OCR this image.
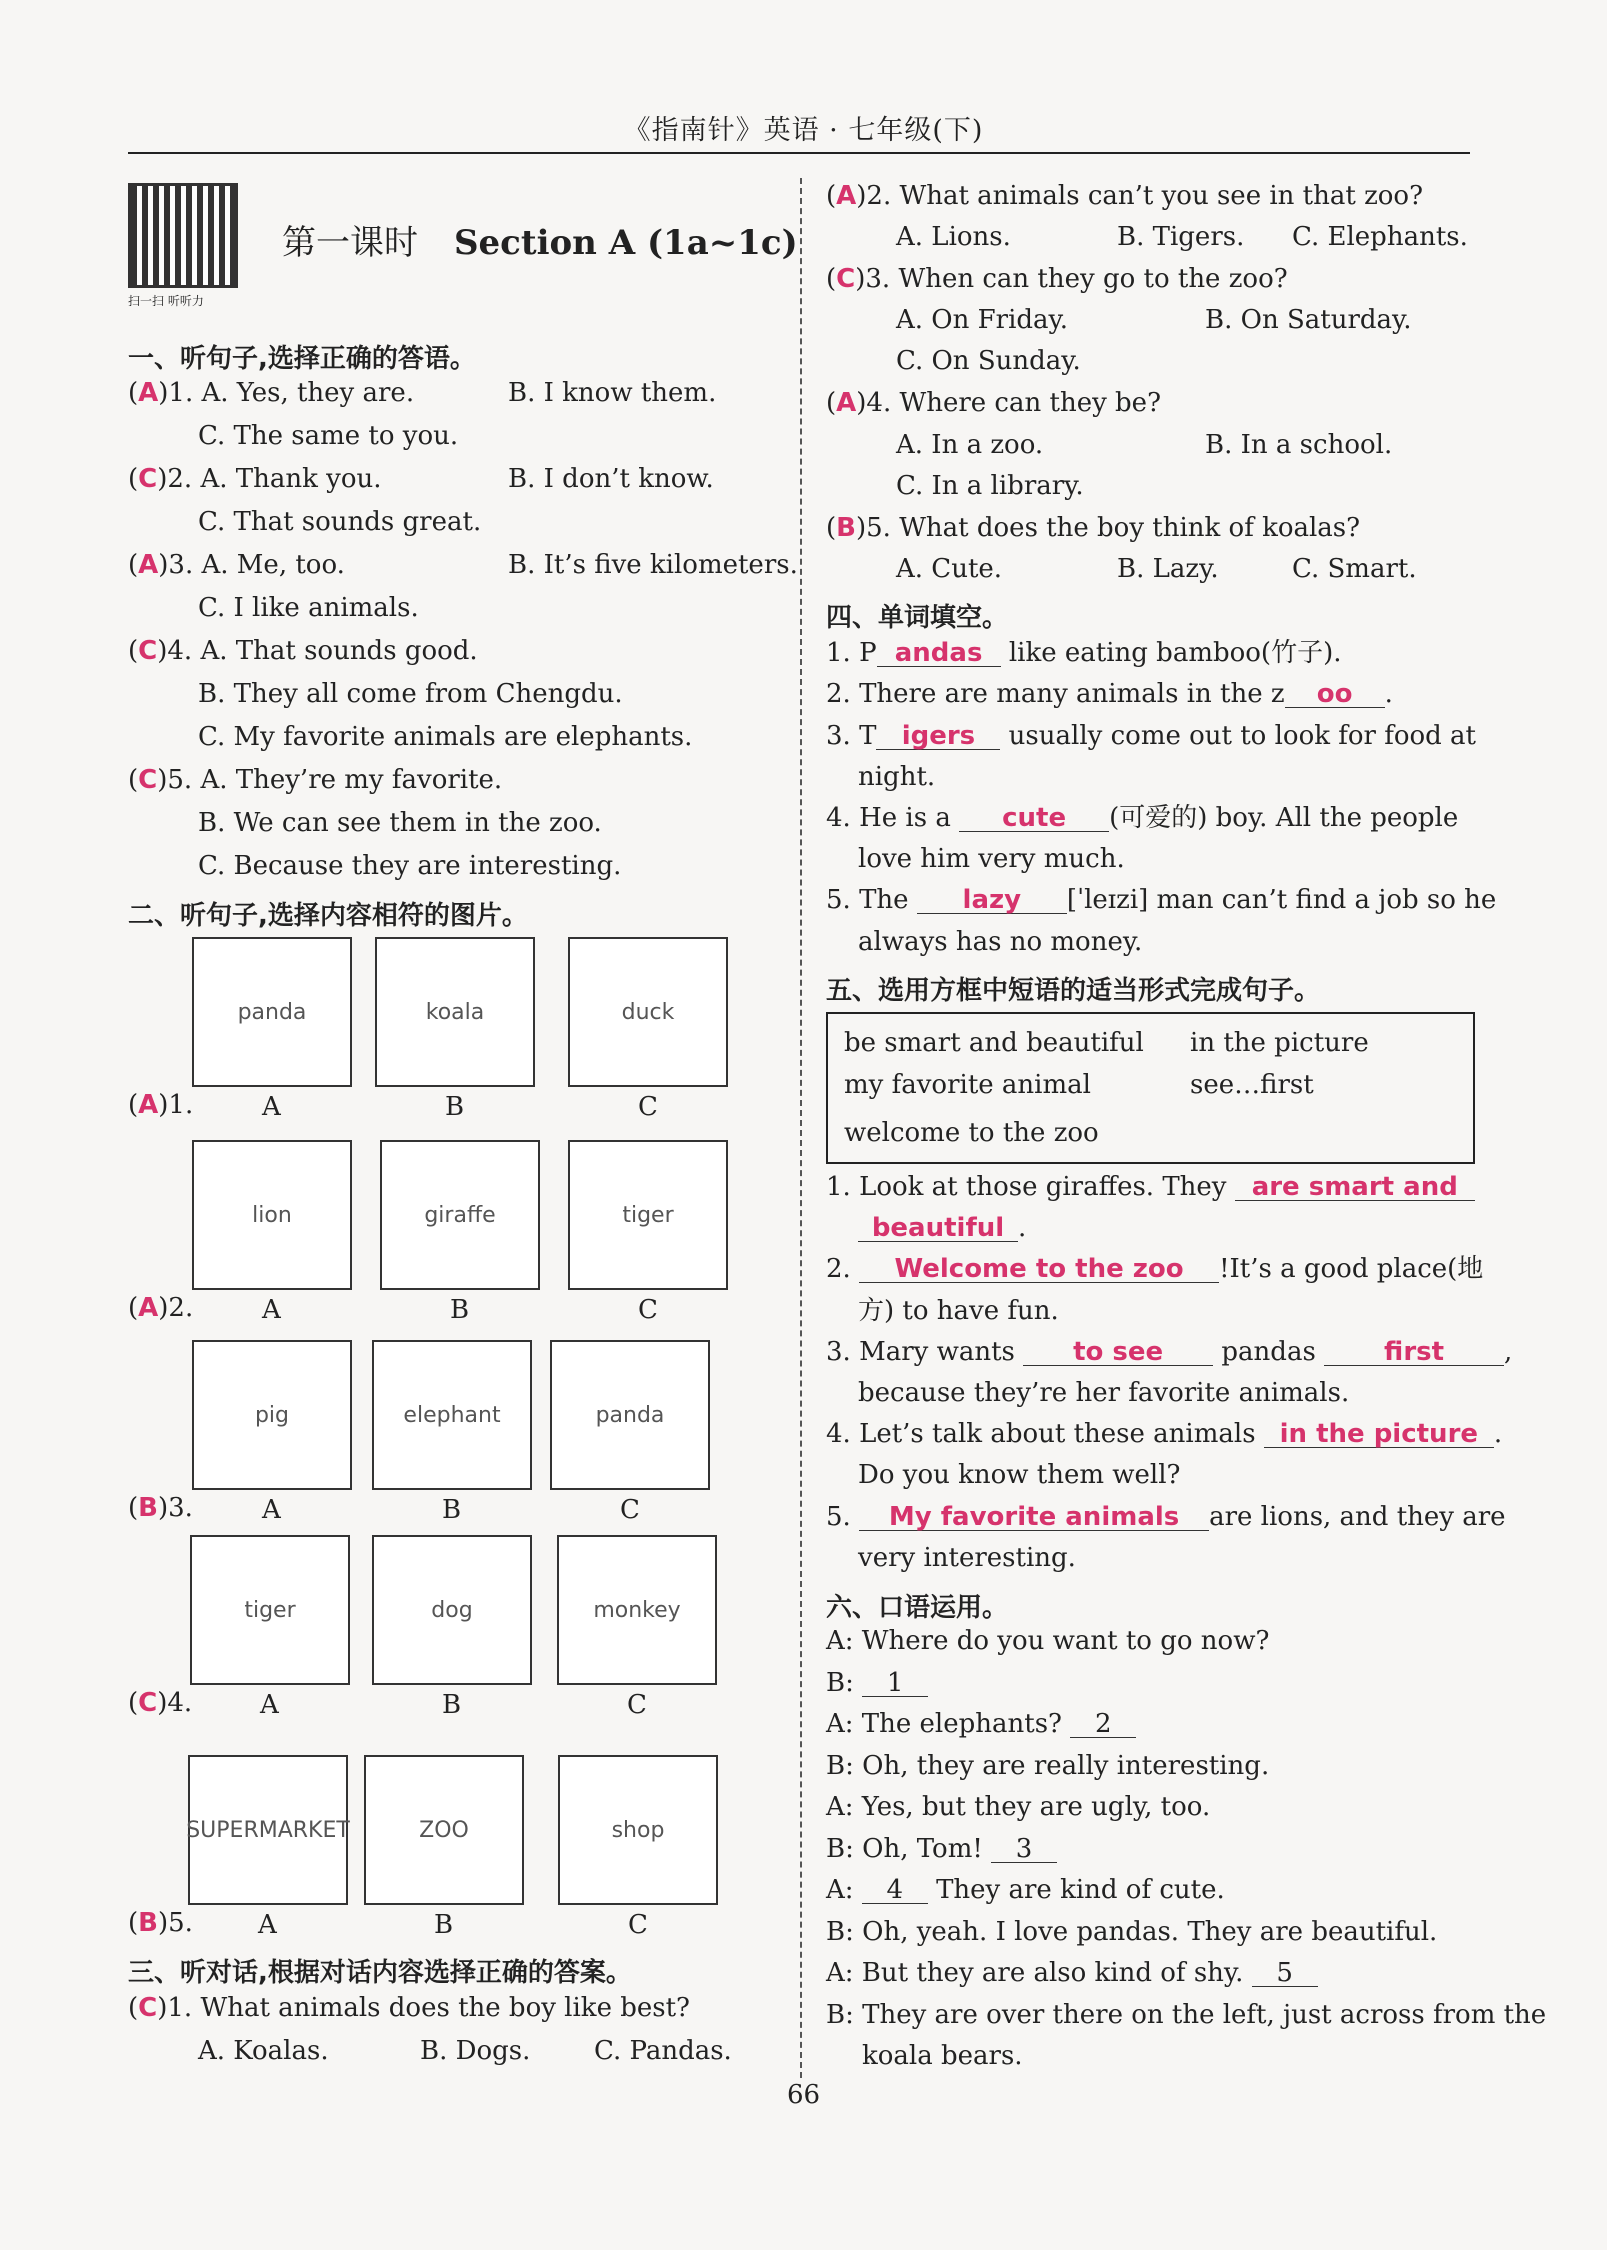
《指南针》英语 · 七年级(下)
扫一扫 听听力
第一课时 Section A (1a~1c)
一、听句子,选择正确的答语。
(A)1. A. Yes, they are.	B. I know them.
C. The same to you.
(C)2. A. Thank you.	B. I don’t know.
C. That sounds great.
(A)3. A. Me, too.	B. It’s five kilometers.
C. I like animals.
(C)4. A. That sounds good.
B. They all come from Chengdu.
C. My favorite animals are elephants.
(C)5. A. They’re my favorite.
B. We can see them in the zoo.
C. Because they are interesting.
二、听句子,选择内容相符的图片。
panda
A
koala
B
duck
C
(A)1.
lion
A
giraffe
B
tiger
C
(A)2.
pig
A
elephant
B
panda
C
(B)3.
tiger
A
dog
B
monkey
C
(C)4.
SUPERMARKET
A
ZOO
B
shop
C
(B)5.
三、听对话,根据对话内容选择正确的答案。
(C)1. What animals does the boy like best?
A. Koalas.	B. Dogs. C. Pandas.
(A)2. What animals can’t you see in that zoo?
A. Lions.	B. Tigers. C. Elephants.
(C)3. When can they go to the zoo?
A. On Friday.	B. On Saturday.
C. On Sunday.
(A)4. Where can they be?
A. In a zoo.	B. In a school.
C. In a library.
(B)5. What does the boy think of koalas?
A. Cute.	B. Lazy.	C. Smart.
四、单词填空。
1. P andas like eating bamboo(竹子).
2. There are many animals in the z oo .
3. T igers usually come out to look for food at
night.
4. He is a cute (可爱的) boy. All the people
love him very much.
5. The lazy [ˈleɪzi] man can’t find a job so he
always has no money.
五、选用方框中短语的适当形式完成句子。
1. Look at those giraffes. They are smart and
beautiful .
2. Welcome to the zoo !It’s a good place(地
方) to have fun.
3. Mary wants to see pandas first ,
because they’re her favorite animals.
4. Let’s talk about these animals in the picture .
Do you know them well?
5. My favorite animals are lions, and they are
very interesting.
六、口语运用。
A: Where do you want to go now?
B: 1
A: The elephants? 2
B: Oh, they are really interesting.
A: Yes, but they are ugly, too.
B: Oh, Tom! 3
A: 4 They are kind of cute.
B: Oh, yeah. I love pandas. They are beautiful.
A: But they are also kind of shy. 5
B: They are over there on the left, just across from the
koala bears.
be smart and beautiful in the picture
my favorite animal	see…first
welcome to the zoo
66
